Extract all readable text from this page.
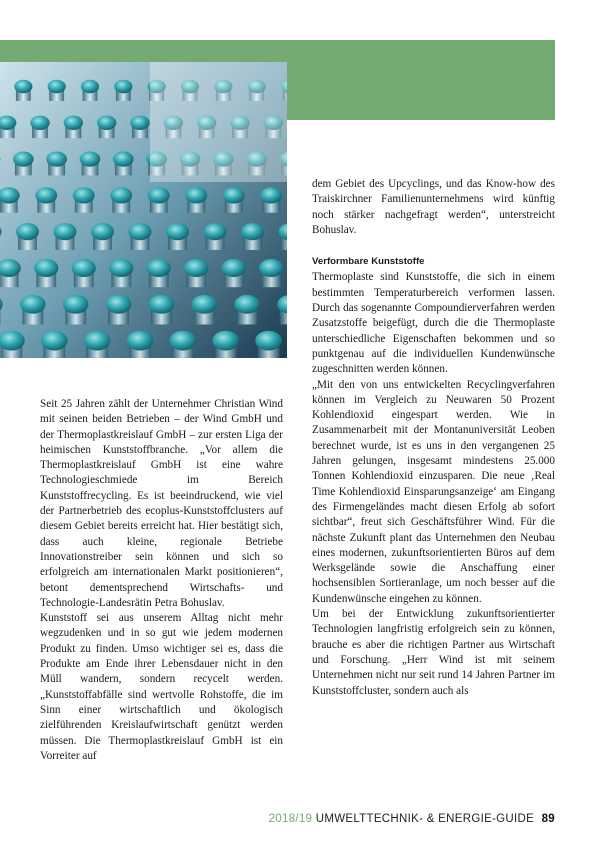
Seit 25 Jahren zählt der Unternehmer Christian Wind mit seinen beiden Betrieben – der Wind GmbH und der Thermoplastkreislauf GmbH – zur ersten Liga der heimischen Kunststoffbranche. „Vor allem die Thermoplastkreislauf GmbH ist eine wahre Technologieschmiede im Bereich Kunststoffrecycling. Es ist beeindruckend, wie viel der Partnerbetrieb des ecoplus-Kunststoffclusters auf diesem Gebiet bereits erreicht hat. Hier bestätigt sich, dass auch kleine, regionale Betriebe Innovationstreiber sein können und sich so erfolgreich am internationalen Markt positionieren“, betont dementsprechend Wirtschafts- und Technologie-Landesrätin Petra Bohuslav.

Kunststoff sei aus unserem Alltag nicht mehr wegzudenken und in so gut wie jedem modernen Produkt zu finden. Umso wichtiger sei es, dass die Produkte am Ende ihrer Lebensdauer nicht in den Müll wandern, sondern recycelt werden. „Kunststoffabfälle sind wertvolle Rohstoffe, die im Sinn einer wirtschaftlich und ökologisch zielführenden Kreislaufwirtschaft genützt werden müssen. Die Thermoplastkreislauf GmbH ist ein Vorreiter auf

dem Gebiet des Upcyclings, und das Know-how des Traiskirchner Familienunternehmens wird künftig noch stärker nachgefragt werden“, unterstreicht Bohuslav.

Verformbare Kunststoffe

Thermoplaste sind Kunststoffe, die sich in einem bestimmten Temperaturbereich verformen lassen. Durch das sogenannte Compoundierverfahren werden Zusatzstoffe beigefügt, durch die die Thermoplaste unterschiedliche Eigenschaften bekommen und so punktgenau auf die individuellen Kundenwünsche zugeschnitten werden können.

„Mit den von uns entwickelten Recyclingverfahren können im Vergleich zu Neuwaren 50 Prozent Kohlendioxid eingespart werden. Wie in Zusammenarbeit mit der Montanuniversität Leoben berechnet wurde, ist es uns in den vergangenen 25 Jahren gelungen, insgesamt mindestens 25.000 Tonnen Kohlendioxid einzusparen. Die neue ‚Real Time Kohlendioxid Einsparungsanzeige‘ am Eingang des Firmengeländes macht diesen Erfolg ab sofort sichtbar“, freut sich Geschäftsführer Wind. Für die nächste Zukunft plant das Unternehmen den Neubau eines modernen, zukunftsorientierten Büros auf dem Werksgelände sowie die Anschaffung einer hochsensiblen Sortieranlage, um noch besser auf die Kundenwünsche eingehen zu können.

Um bei der Entwicklung zukunftsorientierter Technologien langfristig erfolgreich sein zu können, brauche es aber die richtigen Partner aus Wirtschaft und Forschung. „Herr Wind ist mit seinem Unternehmen nicht nur seit rund 14 Jahren Partner im Kunststoffcluster, sondern auch als

2018/19 UMWELTTECHNIK- & ENERGIE-GUIDE 89
